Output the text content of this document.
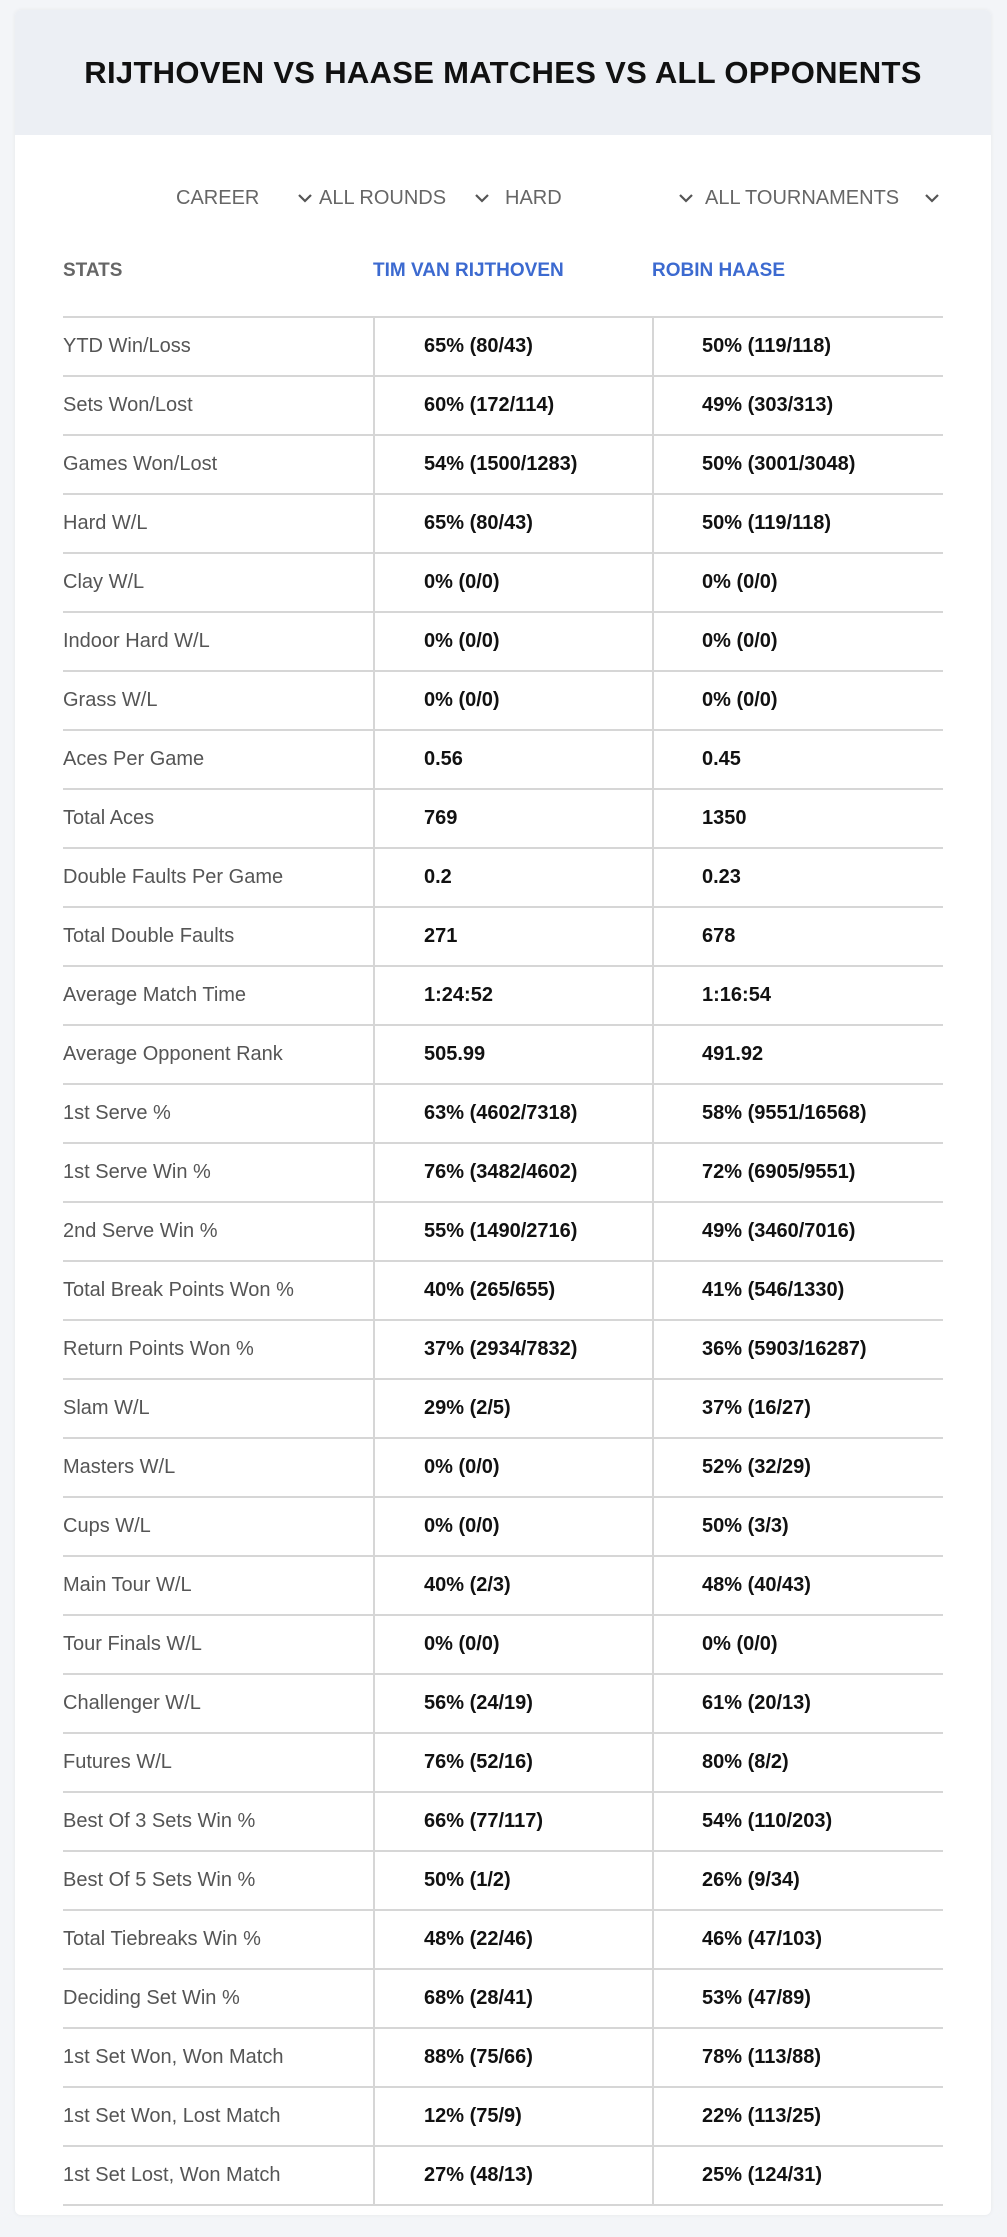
RIJTHOVEN VS HAASE MATCHES VS ALL OPPONENTS
CAREER	ALL ROUNDS	HARD	ALL TOURNAMENTS
STATS	TIM VAN RIJTHOVEN	ROBIN HAASE
YTD Win/Loss	65% (80/43)	50% (119/118)
Sets Won/Lost	60% (172/114)	49% (303/313)
Games Won/Lost	54% (1500/1283)	50% (3001/3048)
Hard W/L	65% (80/43)	50% (119/118)
Clay W/L	0% (0/0)	0% (0/0)
Indoor Hard W/L	0% (0/0)	0% (0/0)
Grass W/L	0% (0/0)	0% (0/0)
Aces Per Game	0.56	0.45
Total Aces	769	1350
Double Faults Per Game	0.2	0.23
Total Double Faults	271	678
Average Match Time	1:24:52	1:16:54
Average Opponent Rank	505.99	491.92
1st Serve %	63% (4602/7318)	58% (9551/16568)
1st Serve Win %	76% (3482/4602)	72% (6905/9551)
2nd Serve Win %	55% (1490/2716)	49% (3460/7016)
Total Break Points Won %	40% (265/655)	41% (546/1330)
Return Points Won %	37% (2934/7832)	36% (5903/16287)
Slam W/L	29% (2/5)	37% (16/27)
Masters W/L	0% (0/0)	52% (32/29)
Cups W/L	0% (0/0)	50% (3/3)
Main Tour W/L	40% (2/3)	48% (40/43)
Tour Finals W/L	0% (0/0)	0% (0/0)
Challenger W/L	56% (24/19)	61% (20/13)
Futures W/L	76% (52/16)	80% (8/2)
Best Of 3 Sets Win %	66% (77/117)	54% (110/203)
Best Of 5 Sets Win %	50% (1/2)	26% (9/34)
Total Tiebreaks Win %	48% (22/46)	46% (47/103)
Deciding Set Win %	68% (28/41)	53% (47/89)
1st Set Won, Won Match	88% (75/66)	78% (113/88)
1st Set Won, Lost Match	12% (75/9)	22% (113/25)
1st Set Lost, Won Match	27% (48/13)	25% (124/31)
